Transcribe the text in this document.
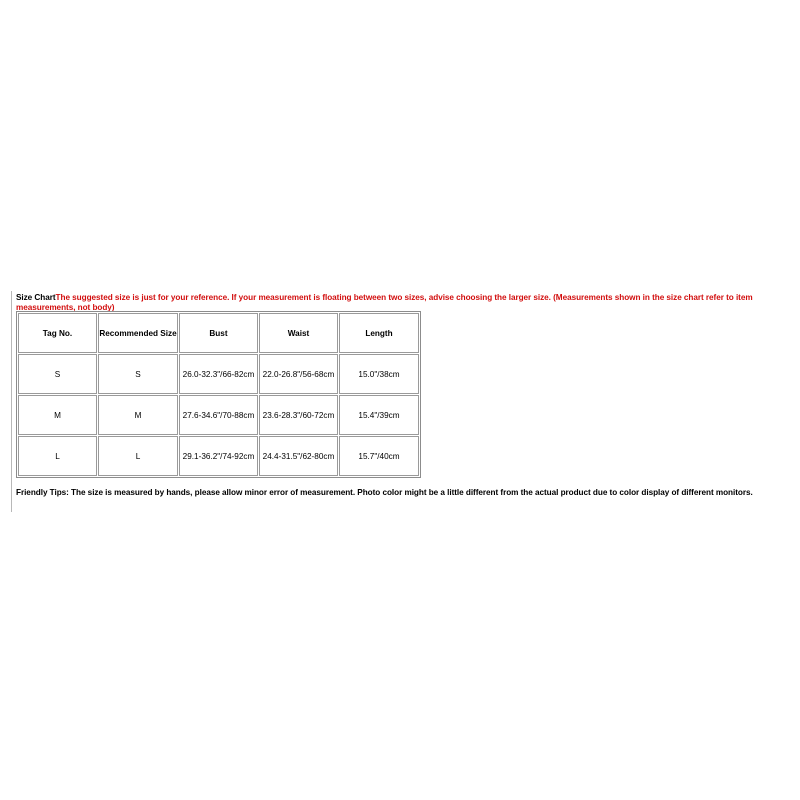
Size ChartThe suggested size is just for your reference. If your measurement is floating between two sizes, advise choosing the larger size. (Measurements shown in the size chart refer to item measurements, not body)
Tag No.	Recommended Size	Bust	Waist	Length
S	S	26.0-32.3"/66-82cm	22.0-26.8"/56-68cm	15.0"/38cm
M	M	27.6-34.6"/70-88cm	23.6-28.3"/60-72cm	15.4"/39cm
L	L	29.1-36.2"/74-92cm	24.4-31.5"/62-80cm	15.7"/40cm
Friendly Tips: The size is measured by hands, please allow minor error of measurement. Photo color might be a little different from the actual product due to color display of different monitors.
